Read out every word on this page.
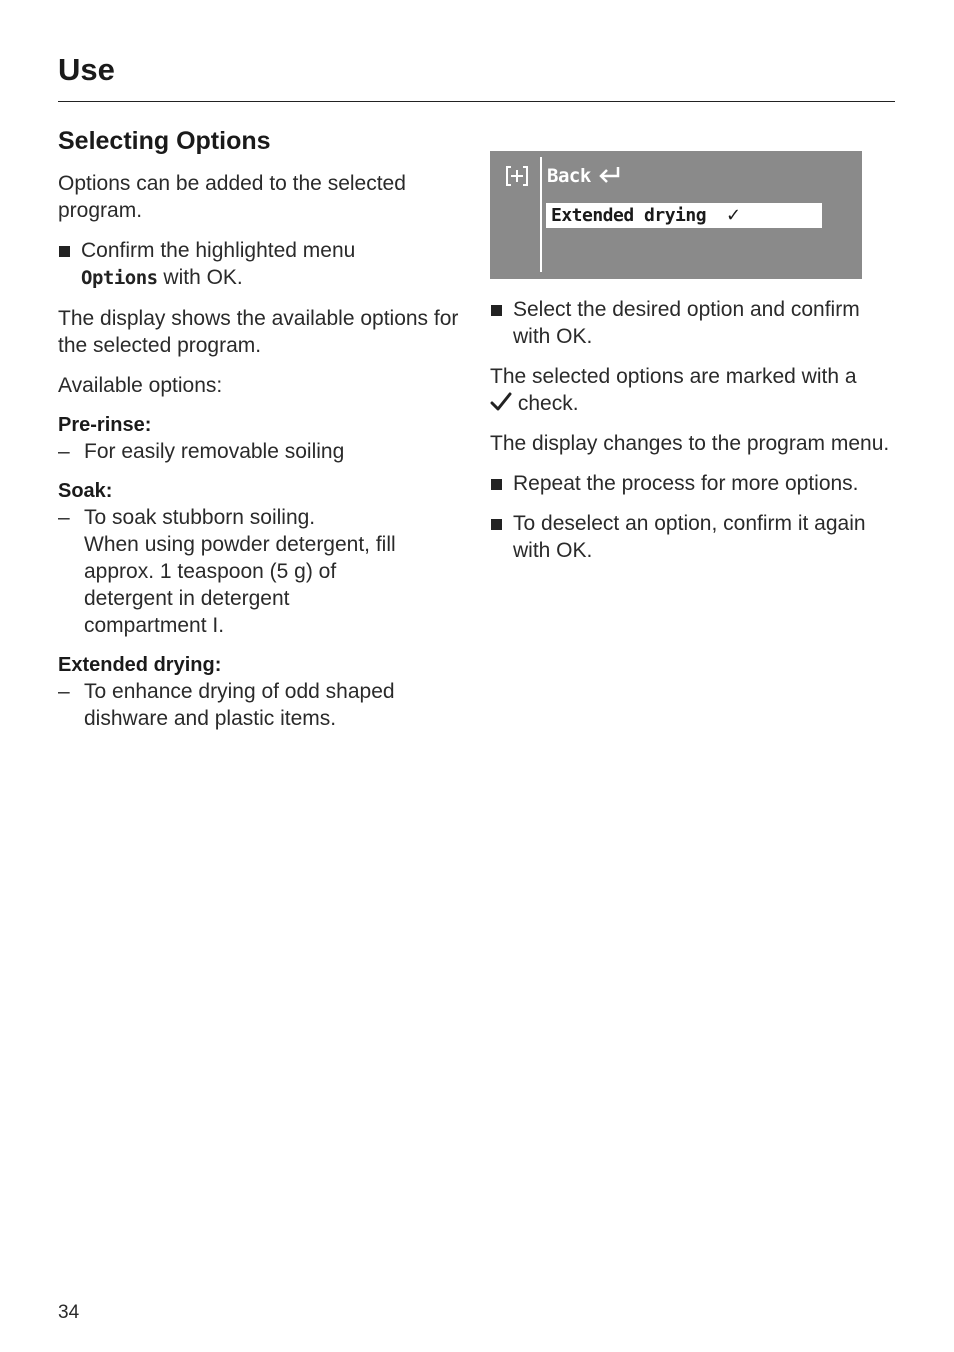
Use
Selecting Options

Options can be added to the selected program.

Confirm the highlighted menu
Options with OK.

The display shows the available options for the selected program.

Available options:

Pre-rinse:

– For easily removable soiling

Soak:

– To soak stubborn soiling.
When using powder detergent, fill
approx. 1 teaspoon (5 g) of
detergent in detergent
compartment I.

Extended drying:

– To enhance drying of odd shaped
dishware and plastic items.
Back
Extended drying ✓
Select the desired option and confirm with OK.

The selected options are marked with a
check.

The display changes to the program menu.

Repeat the process for more options.
To deselect an option, confirm it again with OK.
34
